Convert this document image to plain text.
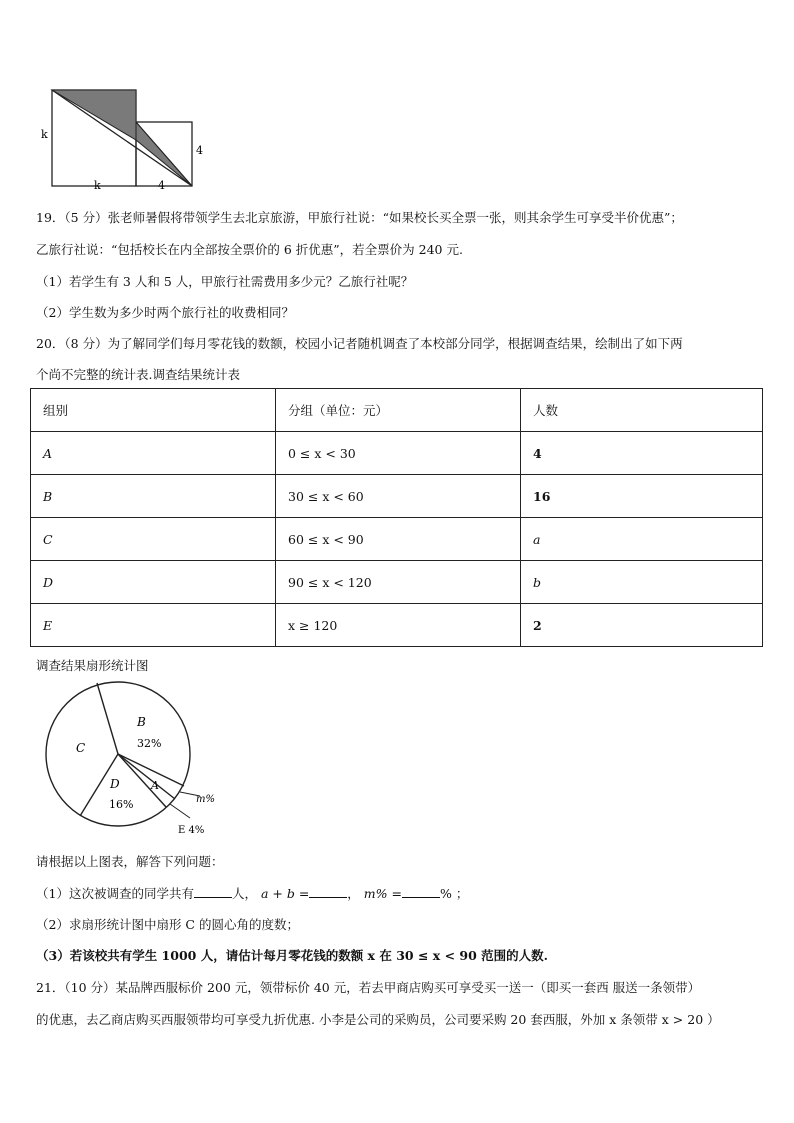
k
4
k	4
19．（5 分）张老师暑假将带领学生去北京旅游，甲旅行社说：“如果校长买全票一张，则其余学生可享受半价优惠”；
乙旅行社说：“包括校长在内全部按全票价的 6 折优惠”，若全票价为 240 元.
（1）若学生有 3 人和 5 人，甲旅行社需费用多少元？乙旅行社呢？
（2）学生数为多少时两个旅行社的收费相同？
20．（8 分）为了解同学们每月零花钱的数额，校园小记者随机调查了本校部分同学，根据调查结果，绘制出了如下两
个尚不完整的统计表.调查结果统计表
组别	分组（单位：元）	人数
A	0 ≤ x < 30	4
B	30 ≤ x < 60	16
C	60 ≤ x < 90	a
D	90 ≤ x < 120	b
E	x ≥ 120	2
调查结果扇形统计图
B
32%
C
D
16%
A
m%
E 4%
请根据以上图表，解答下列问题：
（1）这次被调查的同学共有	人， a + b =	， m% =	% ；
（2）求扇形统计图中扇形 C 的圆心角的度数；
（3）若该校共有学生 1000 人，请估计每月零花钱的数额 x 在 30 ≤ x < 90 范围的人数.
21．（10 分）某品牌西服标价 200 元，领带标价 40 元，若去甲商店购买可享受买一送一（即买一套西 服送一条领带）
的优惠，去乙商店购买西服领带均可享受九折优惠. 小李是公司的采购员，公司要采购 20 套西服，外加 x 条领带 x > 20 ）
